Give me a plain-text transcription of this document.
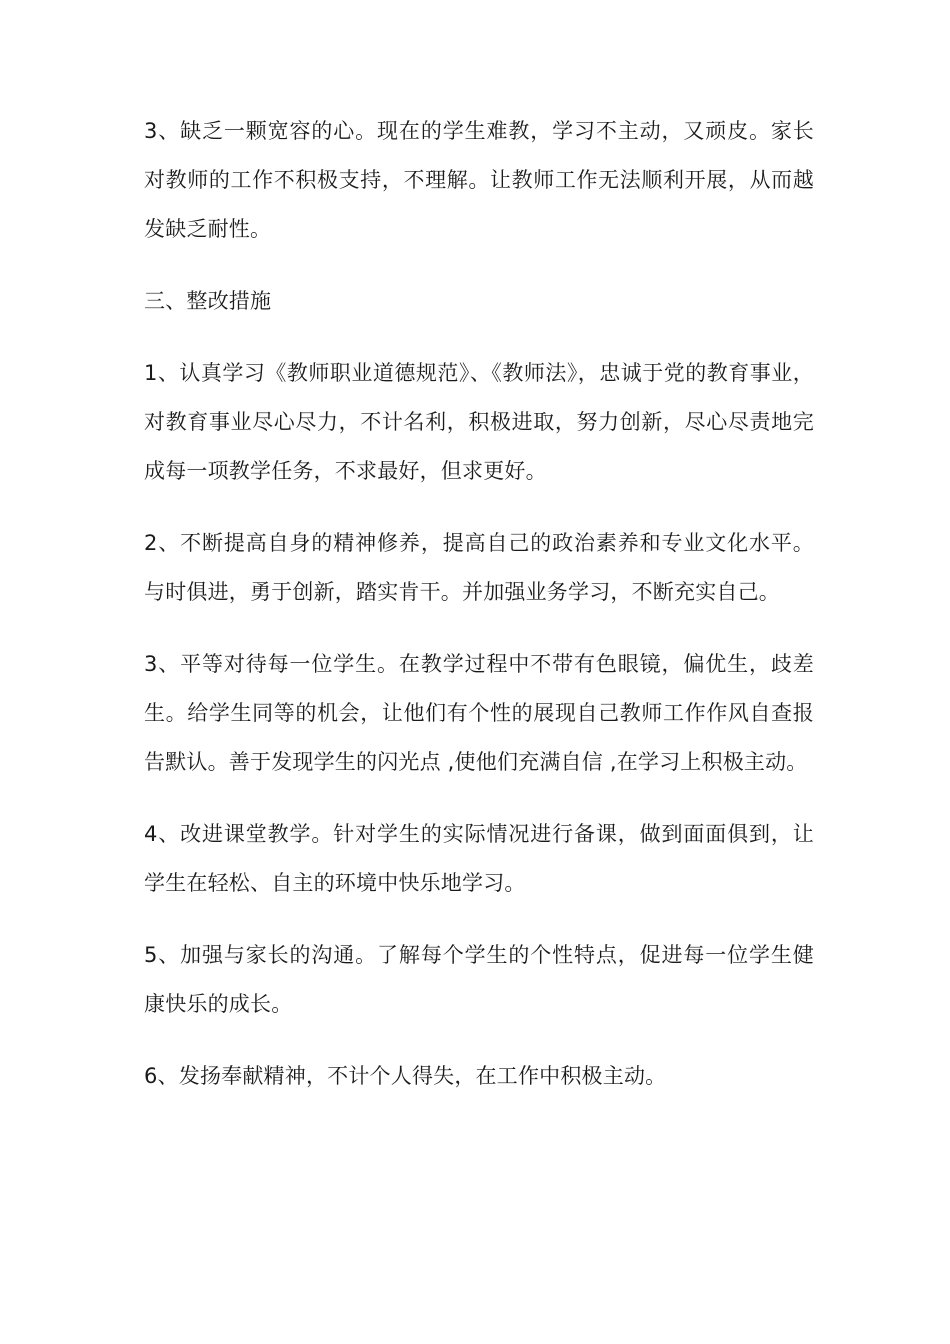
3、缺乏一颗宽容的心。现在的学生难教，学习不主动，又顽皮。家长对教师的工作不积极支持，不理解。让教师工作无法顺利开展，从而越发缺乏耐性。

三、整改措施

1、认真学习《教师职业道德规范》、《教师法》，忠诚于党的教育事业，对教育事业尽心尽力，不计名利，积极进取，努力创新，尽心尽责地完成每一项教学任务，不求最好，但求更好。

2、不断提高自身的精神修养，提高自己的政治素养和专业文化水平。与时俱进，勇于创新，踏实肯干。并加强业务学习，不断充实自己。

3、平等对待每一位学生。在教学过程中不带有色眼镜，偏优生，歧差生。给学生同等的机会，让他们有个性的展现自己教师工作作风自查报告默认。善于发现学生的闪光点 ,使他们充满自信 ,在学习上积极主动。

4、改进课堂教学。针对学生的实际情况进行备课，做到面面俱到，让学生在轻松、自主的环境中快乐地学习。

5、加强与家长的沟通。了解每个学生的个性特点，促进每一位学生健康快乐的成长。

6、发扬奉献精神，不计个人得失，在工作中积极主动。
